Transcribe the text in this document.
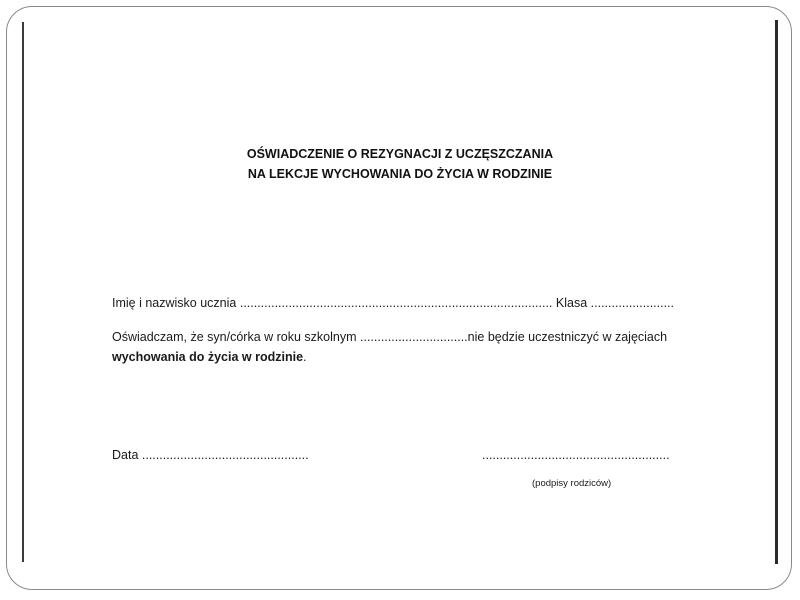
OŚWIADCZENIE O REZYGNACJI Z UCZĘSZCZANIA
NA LEKCJE WYCHOWANIA DO ŻYCIA W RODZINIE
Imię i nazwisko ucznia .......................................................................................... Klasa ........................
Oświadczam, że syn/córka w roku szkolnym ...............................nie będzie uczestniczyć w zajęciach
wychowania do życia w rodzinie.
Data ................................................	......................................................
(podpisy rodziców)
